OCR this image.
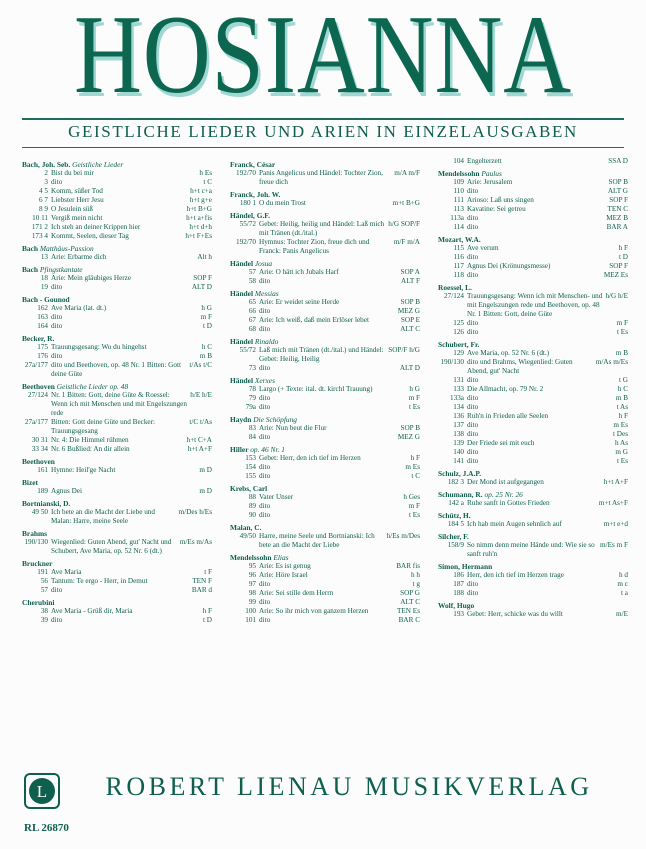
HOSIANNA
GEISTLICHE LIEDER UND ARIEN IN EINZELAUSGABEN
Bach, Joh. Seb. Geistliche Lieder
2 Bist du bei mir	h Es
3 dito	t C
4 5 Komm, süßer Tod	h+t c+a
6 7 Liebster Herr Jesu	h+t g+e
8 9 O Jesulein süß	h+t B+G
10 11 Vergiß mein nicht	h+t a+fis
171 2 Ich steh an deiner Krippen hier	h+t d+h
173 4 Kommt, Seelen, dieser Tag	h+t F+Es
Bach Matthäus-Passion
13 Arie: Erbarme dich	Alt h
Bach Pfingstkantate
18 Arie: Mein gläubiges Herze	SOP F
19 dito	ALT D
Bach - Gounod
162 Ave Maria (lat. dt.)	h G
163 dito	m F
164 dito	t D
Becker, R.
175 Trauungsgesang: Wo du hingehst	h C
176 dito	m B
27a/177 dito und Beethoven, op. 48 Nr. 1 Bitten: Gott deine Güte
t/As t/C
Beethoven Geistliche Lieder op. 48
27/124 Nr. 1 Bitten: Gott, deine Güte & Roessel: Wenn ich mit Menschen und mit Engelszungen rede
h/E h/E
27a/177 Bitten: Gott deine Güte und Becker: Trauungsgesang
t/C t/As
30 31 Nr. 4: Die Himmel rühmen	h+t C+A
33 34 Nr. 6 Bußlied: An dir allein	h+t A+F
Beethoven
161 Hymne: Heil'ge Nacht	m D
Bizet
189 Agnus Dei	m D
Bortnianski, D.
49 50 Ich bete an die Macht der Liebe und Malan: Harre, meine Seele
m/Des h/Es
Brahms
190/130 Wiegenlied: Guten Abend, gut' Nacht und Schubert, Ave Maria, op. 52 Nr. 6 (dt.)
m/Es m/As
Bruckner
191 Ave Maria	t F
56 Tantum: Te ergo - Herr, in Demut	TEN F
57 dito	BAR d
Cherubini
38 Ave Maria - Grüß dir, Maria	h F
39 dito	t D
Franck, César
192/70 Panis Angelicus und Händel: Tochter Zion, freue dich
m/A m/F
Franck, Joh. W.
180 1 O du mein Trost	m+t B+G
Händel, G.F.
55/72 Gebet: Heilig, heilig und Händel: Laß mich mit Tränen (dt./ital.)
h/G SOP/F
192/70 Hymnus: Tochter Zion, freue dich und Franck: Panis Angelicus
m/F m/A
Händel Josua
57 Arie: O hätt ich Jubals Harf	SOP A
58 dito	ALT F
Händel Messias
65 Arie: Er weidet seine Herde	SOP B
66 dito	MEZ G
67 Arie: Ich weiß, daß mein Erlöser lebet	SOP E
68 dito	ALT C
Händel Rinaldo
55/72 Laß mich mit Tränen (dt./ital.) und Händel: Gebet: Heilig, Heilig
SOP/F h/G
73 dito	ALT D
Händel Xerxes
78 Largo (+ Texte: ital. dt. kirchl Trauung)	h G
79 dito	m F
79a dito	t Es
Haydn Die Schöpfung
83 Arie: Nun beut die Flur	SOP B
84 dito	MEZ G
Hiller op. 46 Nr. 1
153 Gebet: Herr, den ich tief im Herzen	h F
154 dito	m Es
155 dito	t C
Krebs, Carl
88 Vater Unser	h Ges
89 dito	m F
90 dito	t Es
Malan, C.
49/50 Harre, meine Seele und Bortnianski: Ich bete an die Macht der Liebe
h/Es m/Des
Mendelssohn Elias
95 Arie: Es ist genug	BAR fis
96 Arie: Höre Israel	h h
97 dito	t g
98 Arie: Sei stille dem Herrn	SOP G
99 dito	ALT C
100 Arie: So ihr mich von ganzem Herzen	TEN Es
101 dito	BAR C
104 Engelterzett	SSA D
Mendelssohn Paulus
109 Arie: Jerusalem	SOP B
110 dito	ALT G
111 Arioso: Laß uns singen	SOP F
113 Kavatine: Sei getreu	TEN C
113a dito	MEZ B
114 dito	BAR A
Mozart, W.A.
115 Ave verum	h F
116 dito	t D
117 Agnus Dei (Krönungsmesse)	SOP F
118 dito	MEZ Es
Roessel, L.
27/124 Trauungsgesang: Wenn ich mit Menschen- und mit Engelszungen rede und Beethoven, op. 48 Nr. 1 Bitten: Gott, deine Güte
h/G h/E
125 dito	m F
126 dito	t Es
Schubert, Fr.
129 Ave Maria, op. 52 Nr. 6 (dt.)	m B
190/130 dito und Brahms, Wiegenlied: Guten Abend, gut' Nacht
m/As m/Es
131 dito	t G
133 Die Allmacht, op. 79 Nr. 2	h C
133a dito	m B
134 dito	t As
136 Ruh'n in Frieden alle Seelen	h F
137 dito	m Es
138 dito	t Des
139 Der Friede sei mit euch	h As
140 dito	m G
141 dito	t Es
Schulz, J.A.P.
182 3 Der Mond ist aufgegangen	h+t A+F
Schumann, R. op. 25 Nr. 26
142 a Ruhe sanft in Gottes Frieden	m+t As+F
Schütz, H.
184 5 Ich hab mein Augen sehnlich auf	m+t e+d
Silcher, F.
158/9 So nimm denn meine Hände und: Wie sie so sanft ruh'n
m/Es m F
Simon, Hermann
186 Herr, den ich tief im Herzen trage	h d
187 dito	m c
188 dito	t a
Wolf, Hugo
193 Gebet: Herr, schicke was du willt	m/E
L	ROBERT LIENAU MUSIKVERLAG
RL 26870
